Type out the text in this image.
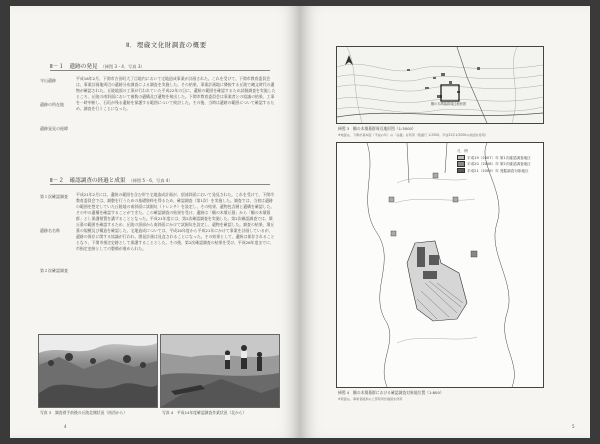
Ⅱ．埋蔵文化財調査の概要
Ⅱ－１　遺跡の発見 （挿図 3・4、写真 3）
守山遺跡
遺跡の所在地
遺跡発見の経緯

平成16年2月、下関市吉田町大丁目地内において宅地造成事業が計画された。これを受けて、下関市教育委員会は、事業計画地周辺の遺跡分布調査による調査を実施した。その結果、事業計画地に隣接する丘陵で縄文時代の遺物が確認された。丘陵地面の工事が行われていた平成22年の日に、遺跡の範囲を確認するため試掘調査を実施したところ、丘陵の南斜面において複数の遺構及び遺物を検出した。下関市教育委員会は事業者との協議の結果、工事を一時中断し、石垣が残る遺跡を保護する範囲について検討した。その後、当時は遺跡の範囲について確認するため、調査を行うことになった。

Ⅱ－２　確認調査の経過と成果 （挿図 5・6、写真 4）
第１次確認調査
遺跡名名称
第２次確認調査

平成21年2月には、遺跡の範囲を含む形で宅地造成計画が、頂部斜面において発見された。これを受けて、下関市教育委員会では、調整を行うための基礎資料を得るため、確認調査（第1次）を実施した。調査では、当初は遺跡の範囲を想定していた丘陵地の南斜面に試掘坑（トレンチ）を設定し、その結果、遺物包含層と遺構を確認した。その中の遺構を確認することができた。この確認調査の結果を受け、遺跡は「鶴の木墳丘墓」から「鶴の木墳墓群」とし保護措置を講ずることとなった。平成21年度には、第2次確認調査を実施した。第2次確認調査では、墳丘墓の範囲を確認するため、丘陵の頂部から南斜面にかけて試掘坑を設定し、遺物を確認した。調査の結果、墳丘墓の規模及び構造を確認した。宅地造成については、平成20年度から平成21年にかけて事業を計画しているが、遺跡の保存に関する協議が行われ、開発計画は見直されることになった。その結果として、遺跡は保存されることとなり、下関市指定史跡として保護することとした。その後、第2次確認調査の結果を受け、平成26年度までに、市指定史跡としての整備が進められた。

写真 3　調査着手前後の丘陵北側状況（南西から）	写真 4　平成14年度確認調査作業状況（北から）
4
鶴の木墳墓群周辺地形図
挿図 3　鶴の木墳墓群周辺地形図（1:3000）
※地図は、下関市基本図（平成の年）の「谷越」を利用（原縮尺 1:2500。平成22年1/2000の地図を使用）
凡　例
平成19（2007）年 第1次確認調査地区
平成20（2008）年 第2次確認調査地区
平成21（2009）年 発掘調査対象地区
挿図 4　鶴の木墳墓群における確認調査対象地位置（1:800）
※原図は、事業者提供の上部利用計画図を使用
5
